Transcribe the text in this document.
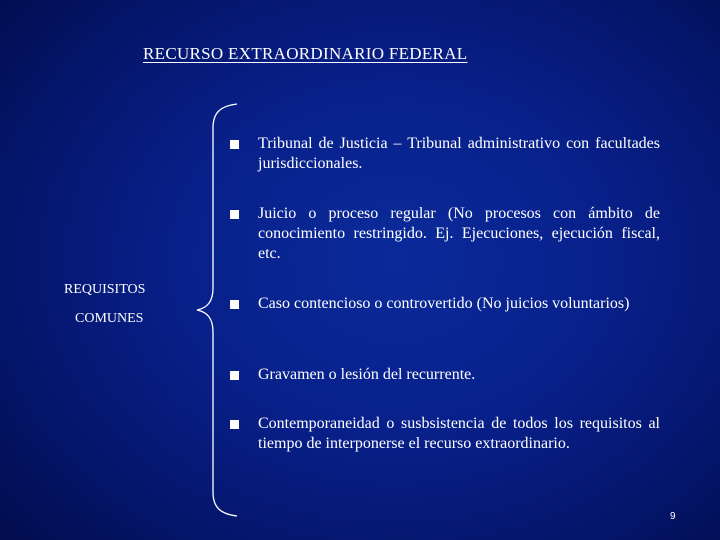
RECURSO EXTRAORDINARIO FEDERAL
REQUISITOS
COMUNES
Tribunal de Justicia – Tribunal administrativo con facultades jurisdiccionales.
Juicio o proceso regular (No procesos con ámbito de conocimiento restringido. Ej. Ejecuciones, ejecución fiscal, etc.
Caso contencioso o controvertido (No juicios voluntarios)
Gravamen o lesión del recurrente.
Contemporaneidad o susbsistencia de todos los requisitos al tiempo de interponerse el recurso extraordinario.
9
